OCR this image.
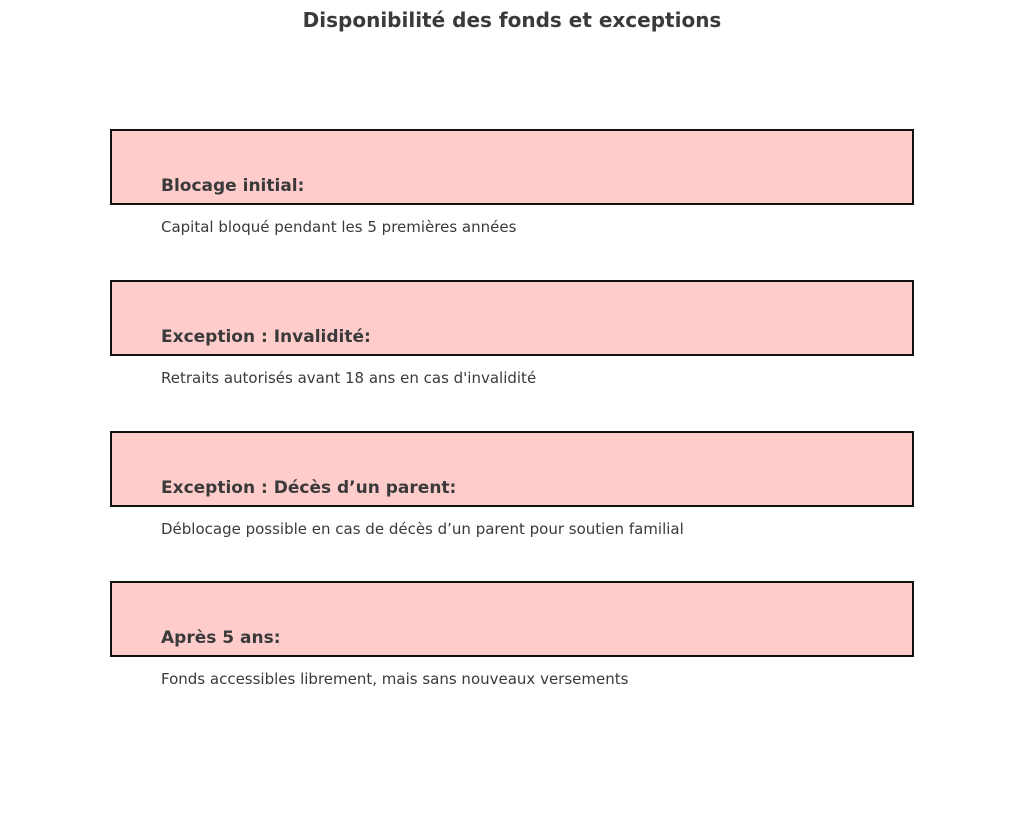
Disponibilité des fonds et exceptions
Blocage initial:
Capital bloqué pendant les 5 premières années
Exception : Invalidité:
Retraits autorisés avant 18 ans en cas d'invalidité
Exception : Décès d’un parent:
Déblocage possible en cas de décès d’un parent pour soutien familial
Après 5 ans:
Fonds accessibles librement, mais sans nouveaux versements
